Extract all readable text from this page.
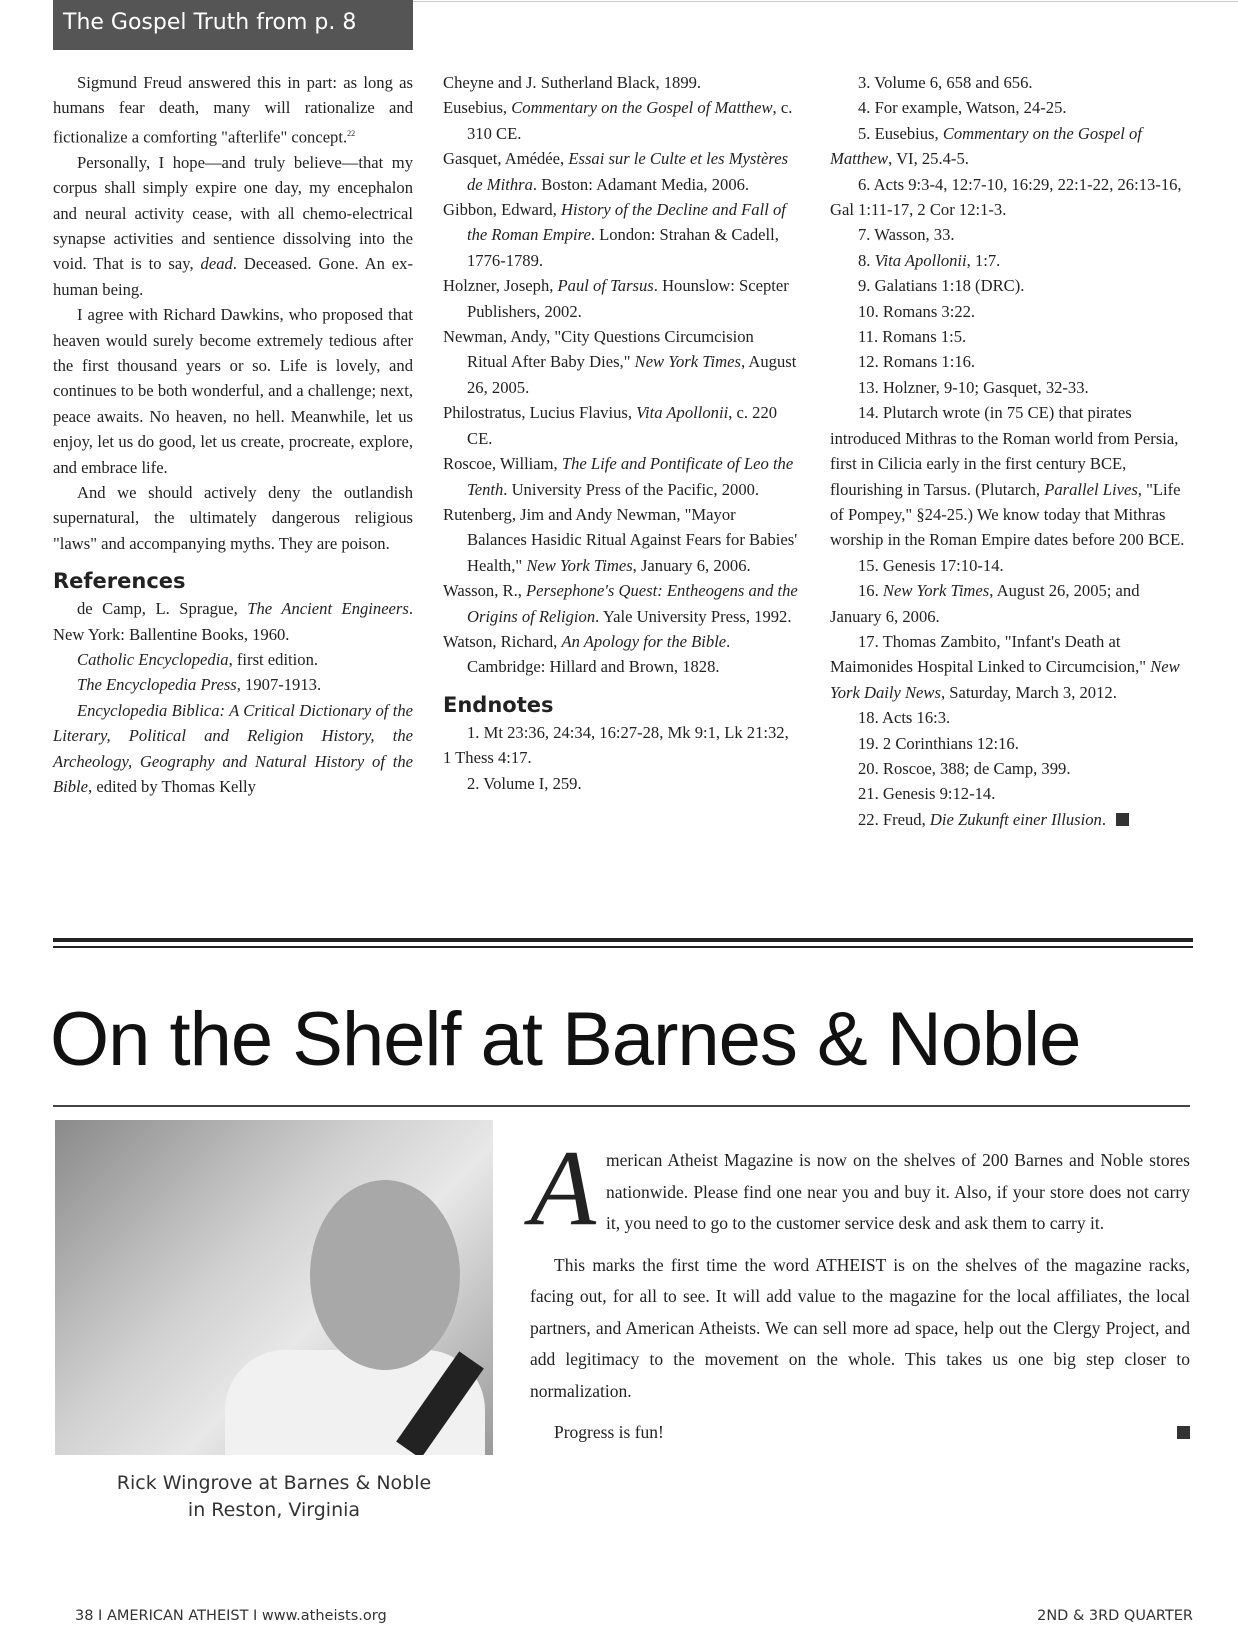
The Gospel Truth from p. 8

Sigmund Freud answered this in part: as long as humans fear death, many will rationalize and fictionalize a comforting "afterlife" concept.$^{22}$

Personally, I hope—and truly believe—that my corpus shall simply expire one day, my encephalon and neural activity cease, with all chemo-electrical synapse activities and sentience dissolving into the void. That is to say, dead. Deceased. Gone. An ex-human being.

I agree with Richard Dawkins, who proposed that heaven would surely become extremely tedious after the first thousand years or so. Life is lovely, and continues to be both wonderful, and a challenge; next, peace awaits. No heaven, no hell. Meanwhile, let us enjoy, let us do good, let us create, procreate, explore, and embrace life.

And we should actively deny the outlandish supernatural, the ultimately dangerous religious "laws" and accompanying myths. They are poison.

References

de Camp, L. Sprague, The Ancient Engineers. New York: Ballentine Books, 1960.

Catholic Encyclopedia, first edition.

The Encyclopedia Press, 1907-1913.

Encyclopedia Biblica: A Critical Dictionary of the Literary, Political and Religion History, the Archeology, Geography and Natural History of the Bible, edited by Thomas Kelly

Cheyne and J. Sutherland Black, 1899.

Eusebius, Commentary on the Gospel of Matthew, c. 310 CE.

Gasquet, Amédée, Essai sur le Culte et les Mystères de Mithra. Boston: Adamant Media, 2006.

Gibbon, Edward, History of the Decline and Fall of the Roman Empire. London: Strahan & Cadell, 1776-1789.

Holzner, Joseph, Paul of Tarsus. Hounslow: Scepter Publishers, 2002.

Newman, Andy, "City Questions Circumcision Ritual After Baby Dies," New York Times, August 26, 2005.

Philostratus, Lucius Flavius, Vita Apollonii, c. 220 CE.

Roscoe, William, The Life and Pontificate of Leo the Tenth. University Press of the Pacific, 2000.

Rutenberg, Jim and Andy Newman, "Mayor Balances Hasidic Ritual Against Fears for Babies' Health," New York Times, January 6, 2006.

Wasson, R., Persephone's Quest: Entheogens and the Origins of Religion. Yale University Press, 1992.

Watson, Richard, An Apology for the Bible. Cambridge: Hillard and Brown, 1828.

Endnotes

1. Mt 23:36, 24:34, 16:27-28, Mk 9:1, Lk 21:32, 1 Thess 4:17.

2. Volume I, 259.

3. Volume 6, 658 and 656.

4. For example, Watson, 24-25.

5. Eusebius, Commentary on the Gospel of Matthew, VI, 25.4-5.

6. Acts 9:3-4, 12:7-10, 16:29, 22:1-22, 26:13-16, Gal 1:11-17, 2 Cor 12:1-3.

7. Wasson, 33.

8. Vita Apollonii, 1:7.

9. Galatians 1:18 (DRC).

10. Romans 3:22.

11. Romans 1:5.

12. Romans 1:16.

13. Holzner, 9-10; Gasquet, 32-33.

14. Plutarch wrote (in 75 CE) that pirates introduced Mithras to the Roman world from Persia, first in Cilicia early in the first century BCE, flourishing in Tarsus. (Plutarch, Parallel Lives, "Life of Pompey," §24-25.) We know today that Mithras worship in the Roman Empire dates before 200 BCE.

15. Genesis 17:10-14.

16. New York Times, August 26, 2005; and January 6, 2006.

17. Thomas Zambito, "Infant's Death at Maimonides Hospital Linked to Circumcision," New York Daily News, Saturday, March 3, 2012.

18. Acts 16:3.

19. 2 Corinthians 12:16.

20. Roscoe, 388; de Camp, 399.

21. Genesis 9:12-14.

22. Freud, Die Zukunft einer Illusion.

On the Shelf at Barnes & Noble
Rick Wingrove at Barnes & Noble
in Reston, Virginia

American Atheist Magazine is now on the shelves of 200 Barnes and Noble stores nationwide. Please find one near you and buy it. Also, if your store does not carry it, you need to go to the customer service desk and ask them to carry it.

This marks the first time the word ATHEIST is on the shelves of the magazine racks, facing out, for all to see. It will add value to the magazine for the local affiliates, the local partners, and American Atheists. We can sell more ad space, help out the Clergy Project, and add legitimacy to the movement on the whole. This takes us one big step closer to normalization.

Progress is fun!

38 I AMERICAN ATHEIST I www.atheists.org	2ND & 3RD QUARTER
